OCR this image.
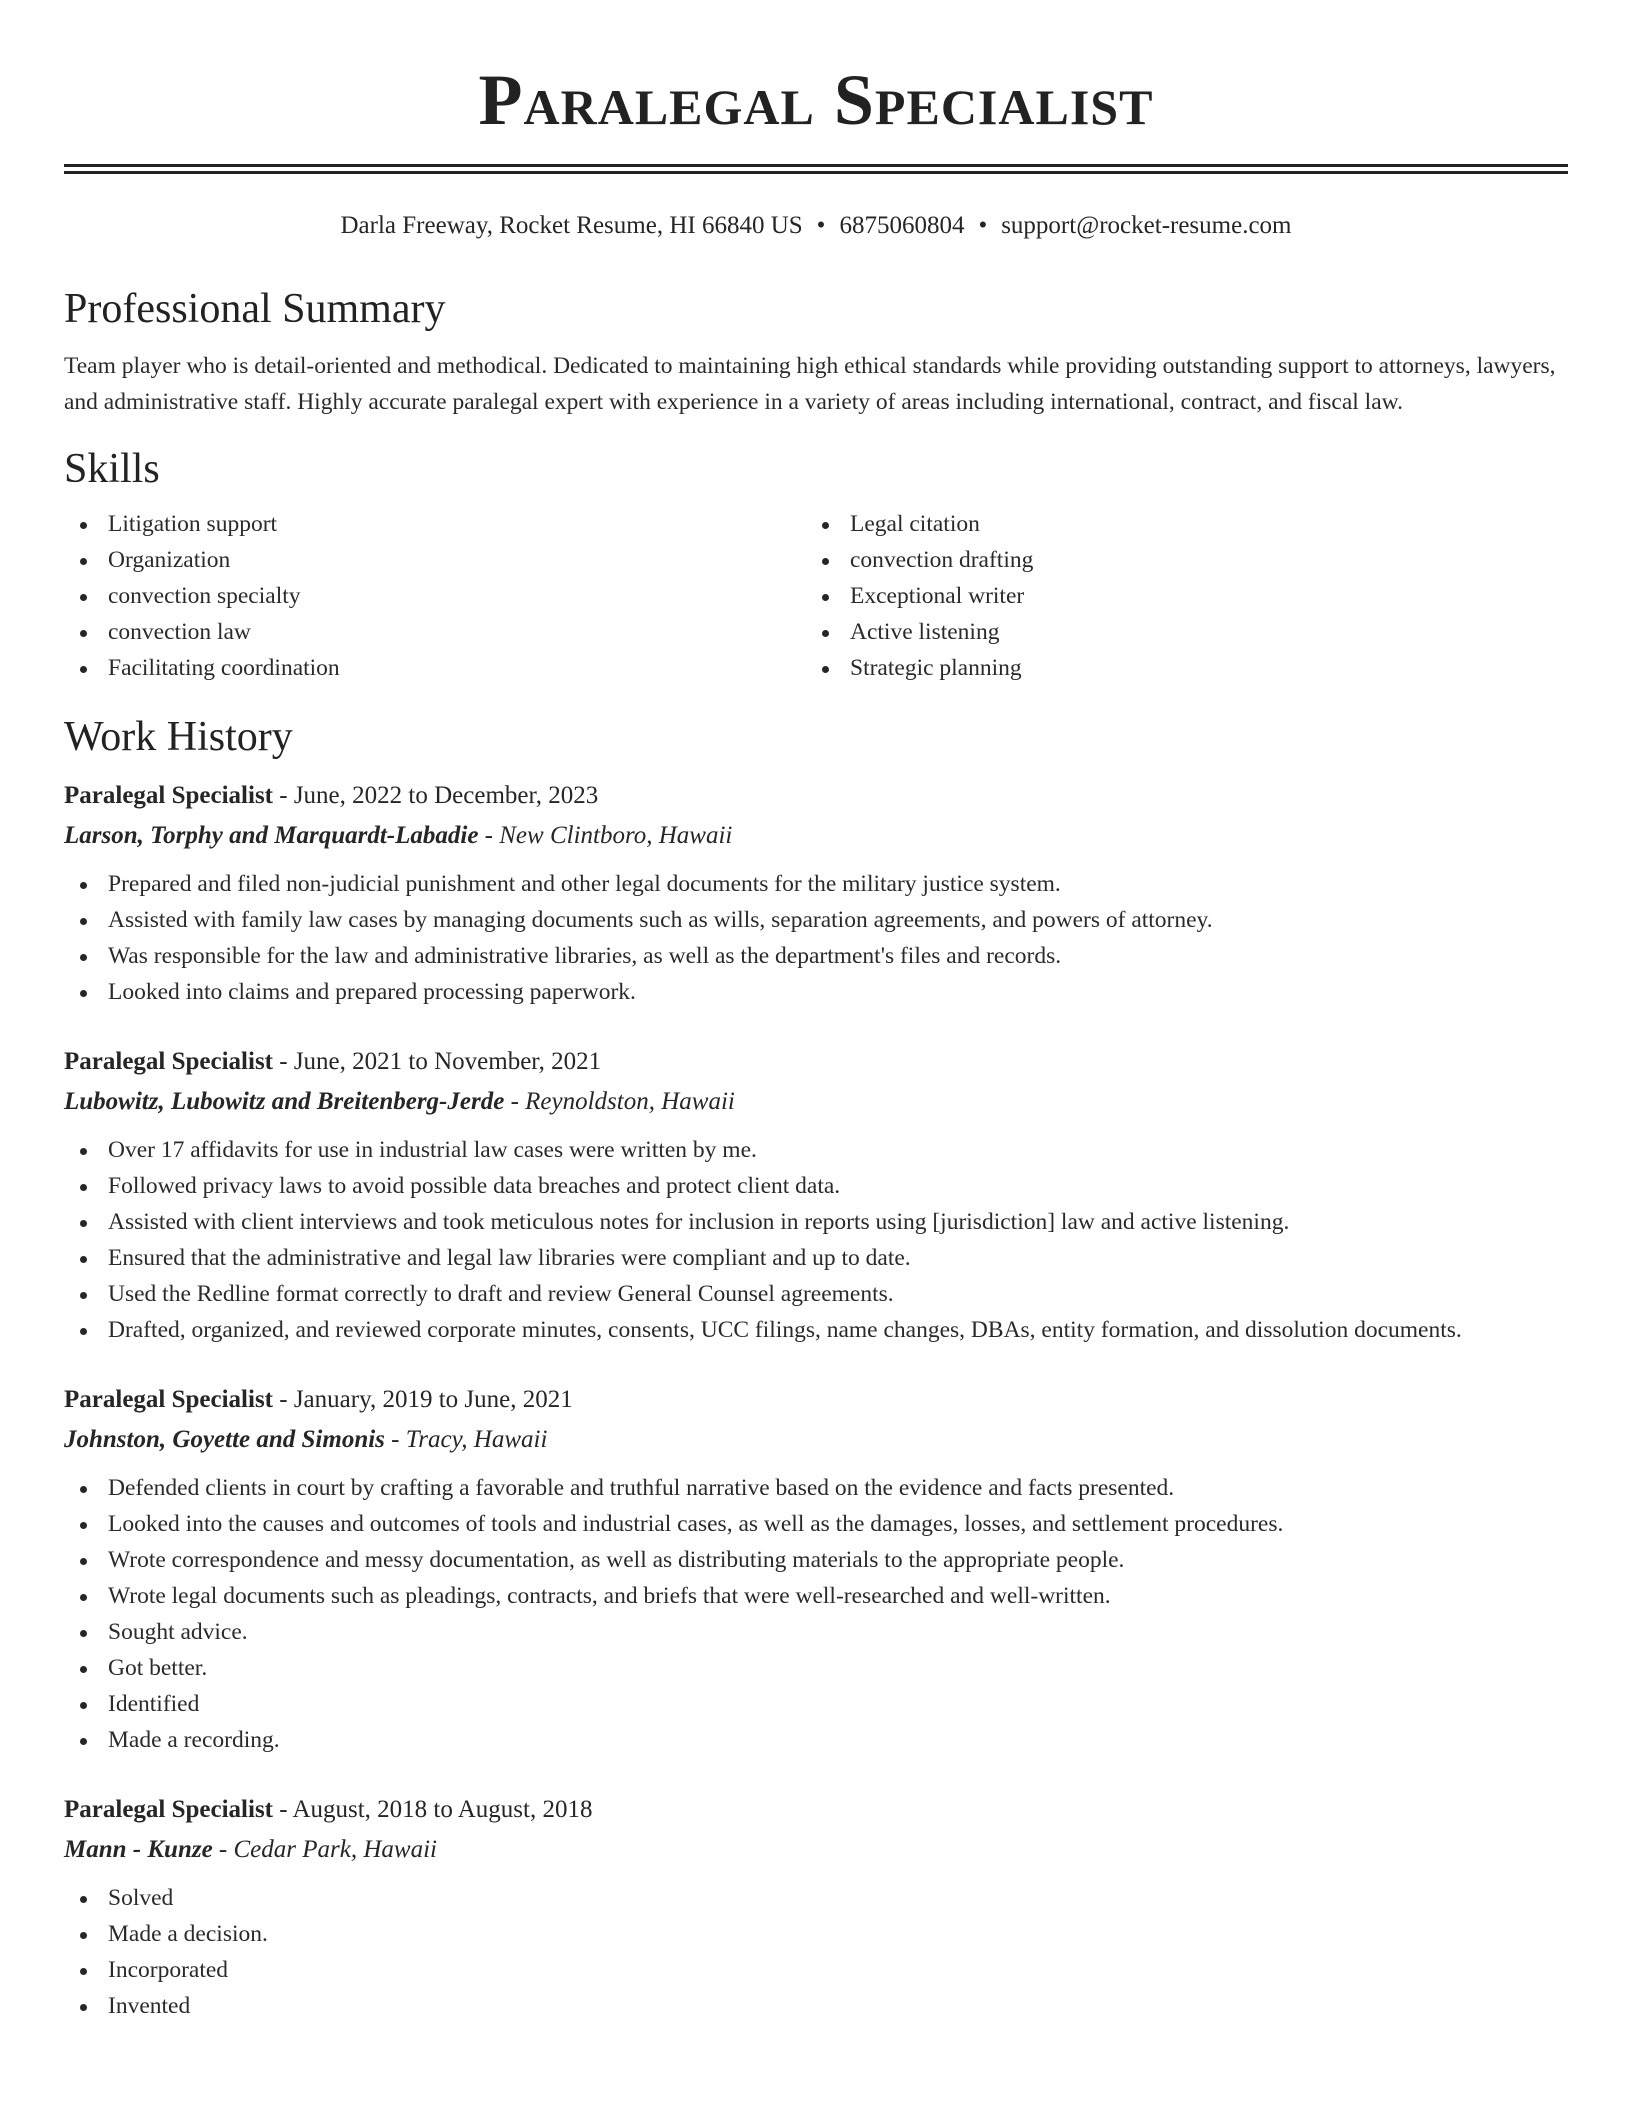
Paralegal Specialist
Darla Freeway, Rocket Resume, HI 66840 US • 6875060804 • support@rocket-resume.com
Professional Summary
Team player who is detail-oriented and methodical. Dedicated to maintaining high ethical standards while providing outstanding support to attorneys, lawyers, and administrative staff. Highly accurate paralegal expert with experience in a variety of areas including international, contract, and fiscal law.
Skills
Litigation support
Organization
convection specialty
convection law
Facilitating coordination
Legal citation
convection drafting
Exceptional writer
Active listening
Strategic planning
Work History
Paralegal Specialist - June, 2022 to December, 2023
Larson, Torphy and Marquardt-Labadie - New Clintboro, Hawaii
Prepared and filed non-judicial punishment and other legal documents for the military justice system.
Assisted with family law cases by managing documents such as wills, separation agreements, and powers of attorney.
Was responsible for the law and administrative libraries, as well as the department's files and records.
Looked into claims and prepared processing paperwork.
Paralegal Specialist - June, 2021 to November, 2021
Lubowitz, Lubowitz and Breitenberg-Jerde - Reynoldston, Hawaii
Over 17 affidavits for use in industrial law cases were written by me.
Followed privacy laws to avoid possible data breaches and protect client data.
Assisted with client interviews and took meticulous notes for inclusion in reports using [jurisdiction] law and active listening.
Ensured that the administrative and legal law libraries were compliant and up to date.
Used the Redline format correctly to draft and review General Counsel agreements.
Drafted, organized, and reviewed corporate minutes, consents, UCC filings, name changes, DBAs, entity formation, and dissolution documents.
Paralegal Specialist - January, 2019 to June, 2021
Johnston, Goyette and Simonis - Tracy, Hawaii
Defended clients in court by crafting a favorable and truthful narrative based on the evidence and facts presented.
Looked into the causes and outcomes of tools and industrial cases, as well as the damages, losses, and settlement procedures.
Wrote correspondence and messy documentation, as well as distributing materials to the appropriate people.
Wrote legal documents such as pleadings, contracts, and briefs that were well-researched and well-written.
Sought advice.
Got better.
Identified
Made a recording.
Paralegal Specialist - August, 2018 to August, 2018
Mann - Kunze - Cedar Park, Hawaii
Solved
Made a decision.
Incorporated
Invented
